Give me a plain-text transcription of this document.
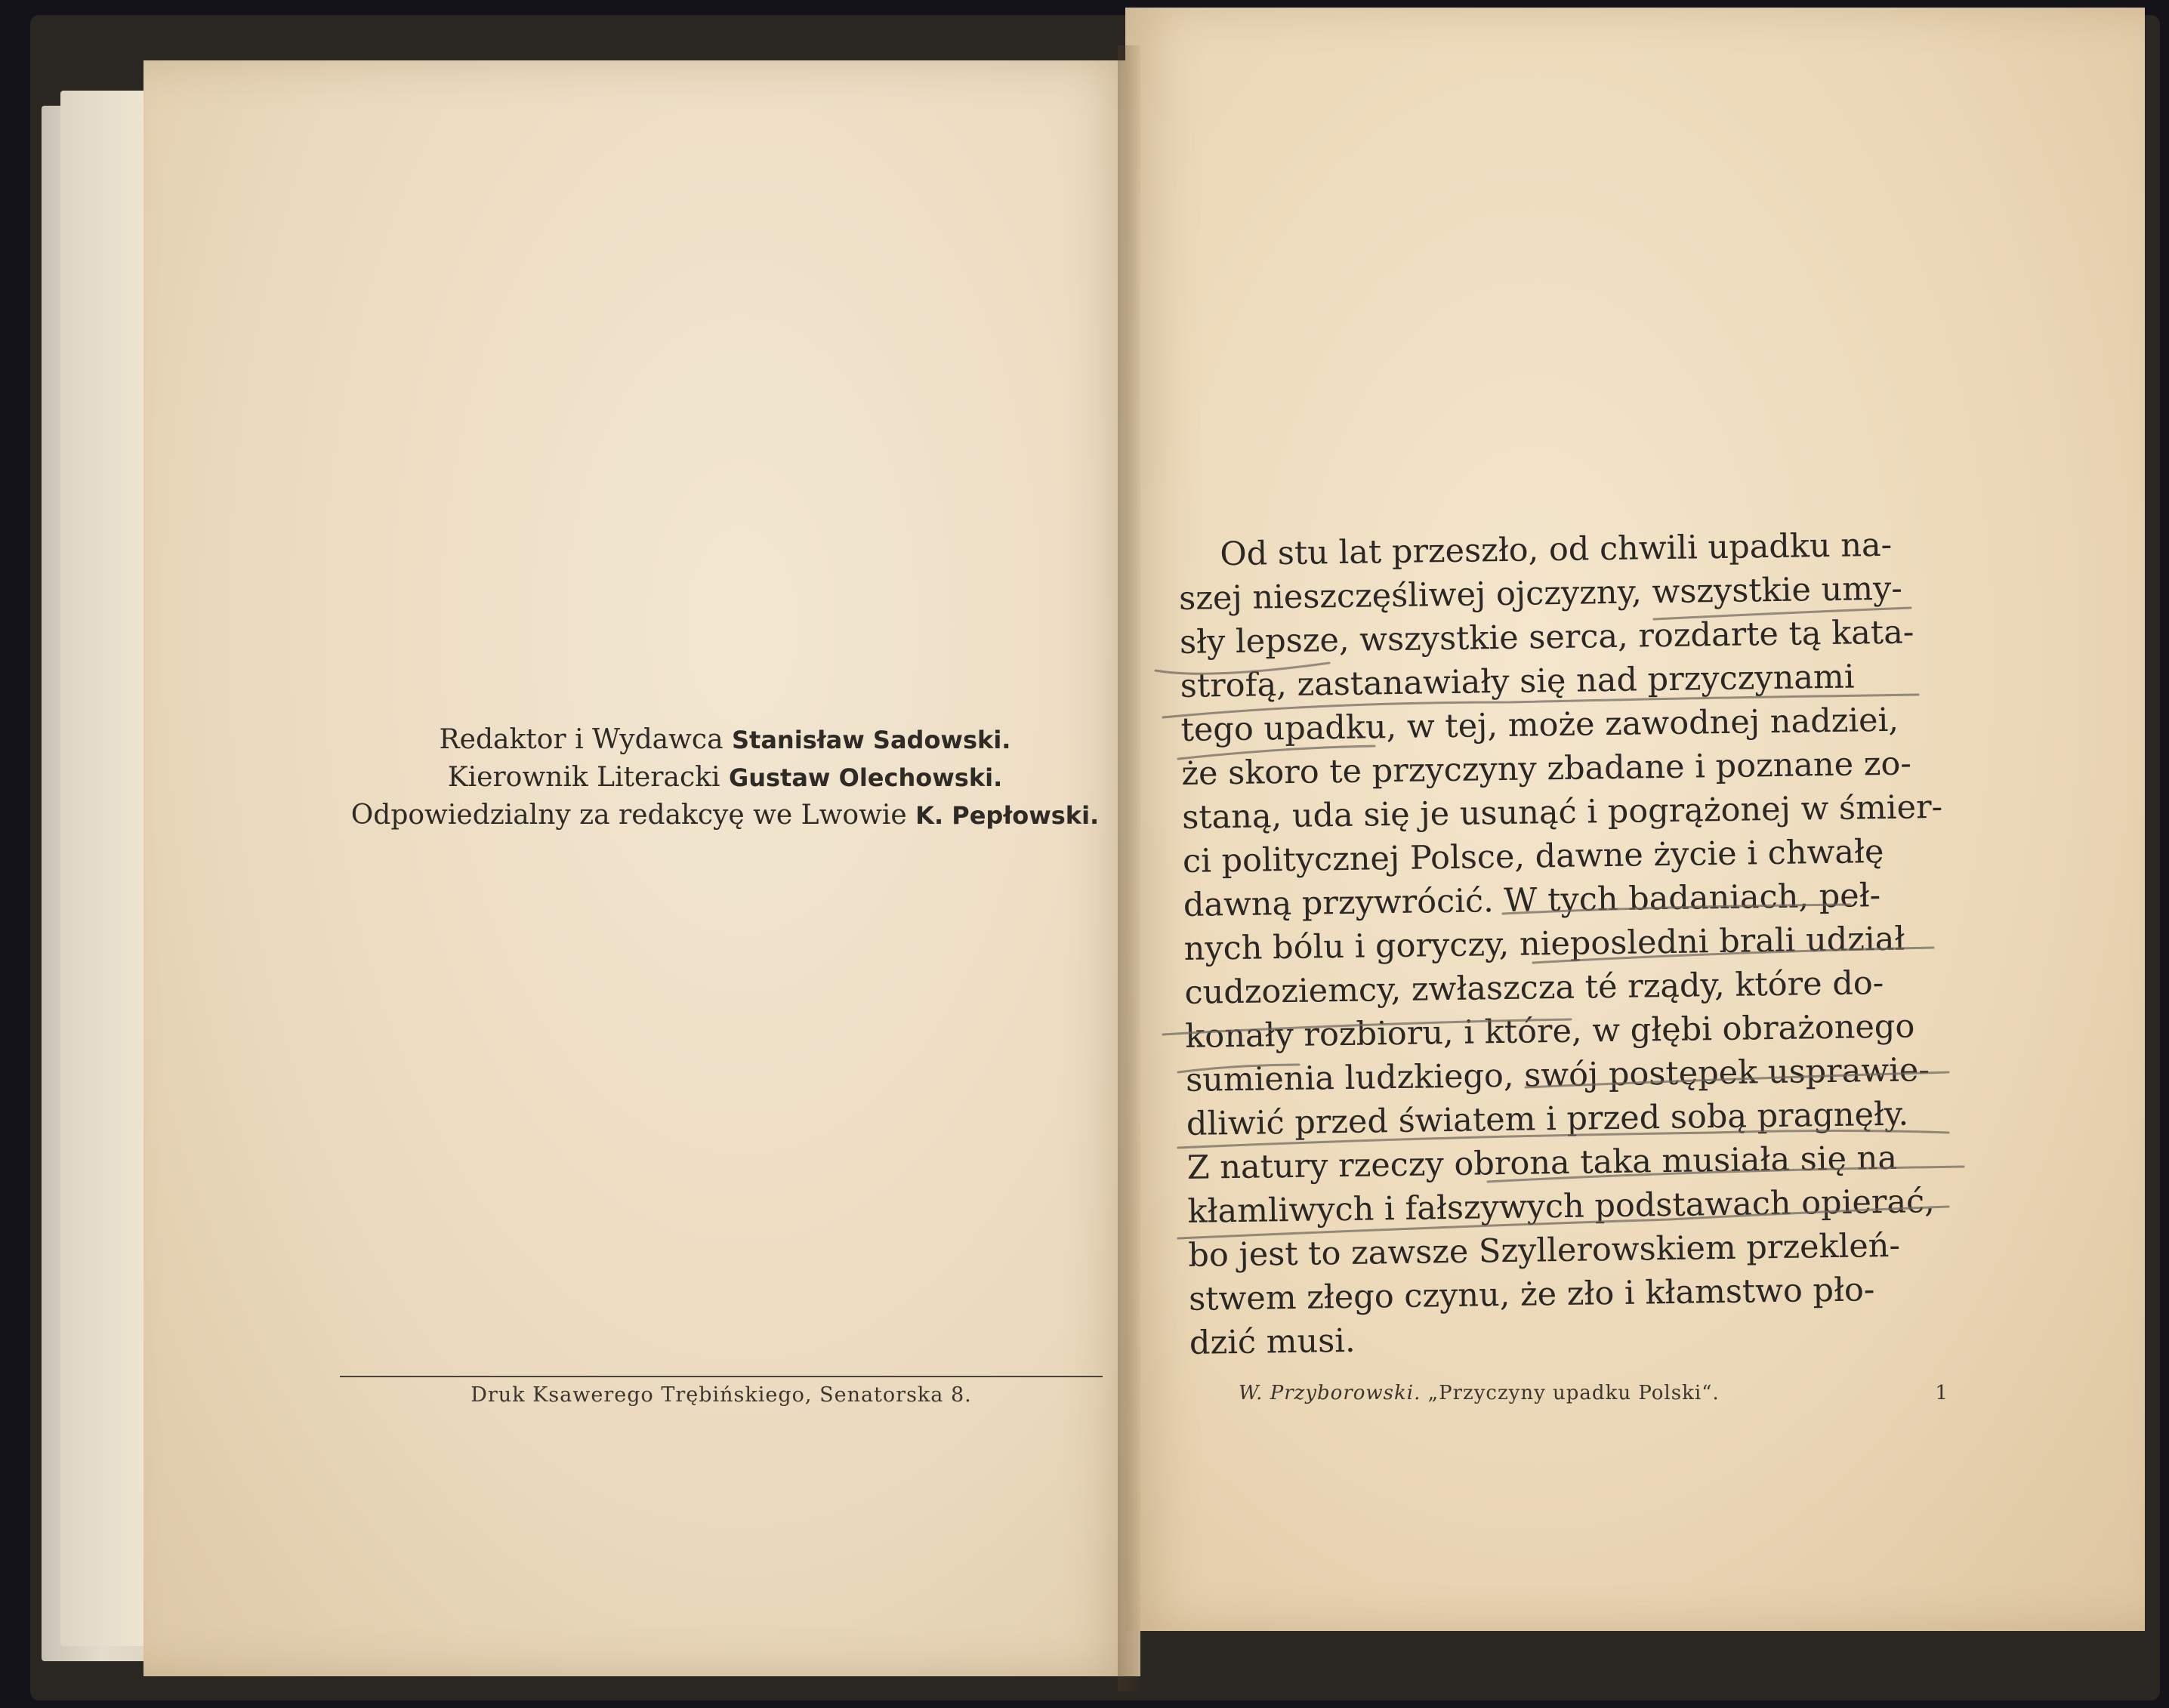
Redaktor i Wydawca Stanisław Sadowski.
Kierownik Literacki Gustaw Olechowski.
Odpowiedzialny za redakcyę we Lwowie K. Pepłowski.
Druk Ksawerego Trębińskiego, Senatorska 8.
Od stu lat przeszło, od chwili upadku na-
szej nieszczęśliwej ojczyzny, wszystkie umy-
sły lepsze, wszystkie serca, rozdarte tą kata-
strofą, zastanawiały się nad przyczynami
tego upadku, w tej, może zawodnej nadziei,
że skoro te przyczyny zbadane i poznane zo-
staną, uda się je usunąć i pogrążonej w śmier-
ci politycznej Polsce, dawne życie i chwałę
dawną przywrócić. W tych badaniach, peł-
nych bólu i goryczy, nieposledni brali udział
cudzoziemcy, zwłaszcza té rządy, które do-
konały rozbioru, i które, w głębi obrażonego
sumienia ludzkiego, swój postępek usprawie-
dliwić przed światem i przed sobą pragnęły.
Z natury rzeczy obrona taka musiała się na
kłamliwych i fałszywych podstawach opierać,
bo jest to zawsze Szyllerowskiem przekleń-
stwem złego czynu, że zło i kłamstwo pło-
dzić musi.
W. Przyborowski. „Przyczyny upadku Polski“.	1
